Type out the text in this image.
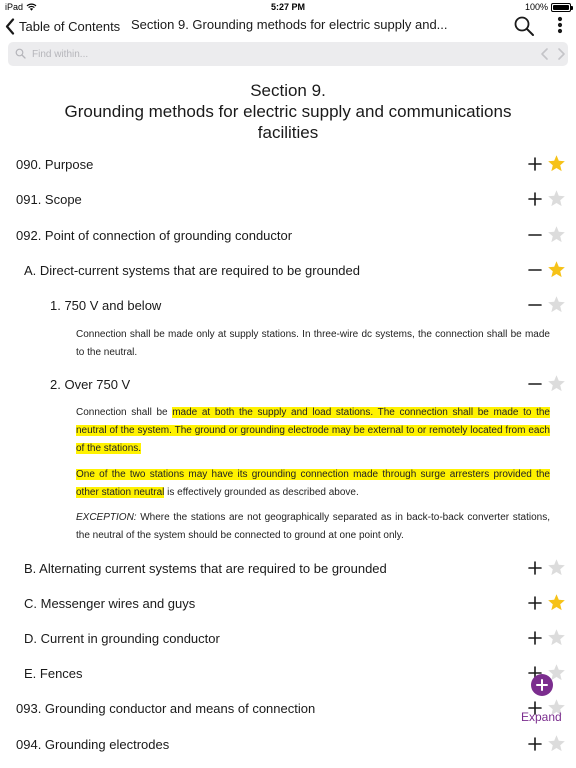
iPad	5:27 PM	100%
Table of Contents Section 9. Grounding methods for electric supply and...
Find within...
Section 9.
Grounding methods for electric supply and communications facilities
090. Purpose
091. Scope
092. Point of connection of grounding conductor
A. Direct-current systems that are required to be grounded
1. 750 V and below
Connection shall be made only at supply stations. In three-wire dc systems, the connection shall be made to the neutral.
2. Over 750 V
Connection shall be made at both the supply and load stations. The connection shall be made to the neutral of the system. The ground or grounding electrode may be external to or remotely located from each of the stations.
One of the two stations may have its grounding connection made through surge arresters provided the other station neutral is effectively grounded as described above.
EXCEPTION: Where the stations are not geographically separated as in back-to-back converter stations, the neutral of the system should be connected to ground at one point only.
B. Alternating current systems that are required to be grounded
C. Messenger wires and guys
D. Current in grounding conductor
E. Fences
093. Grounding conductor and means of connection
094. Grounding electrodes
Expand
